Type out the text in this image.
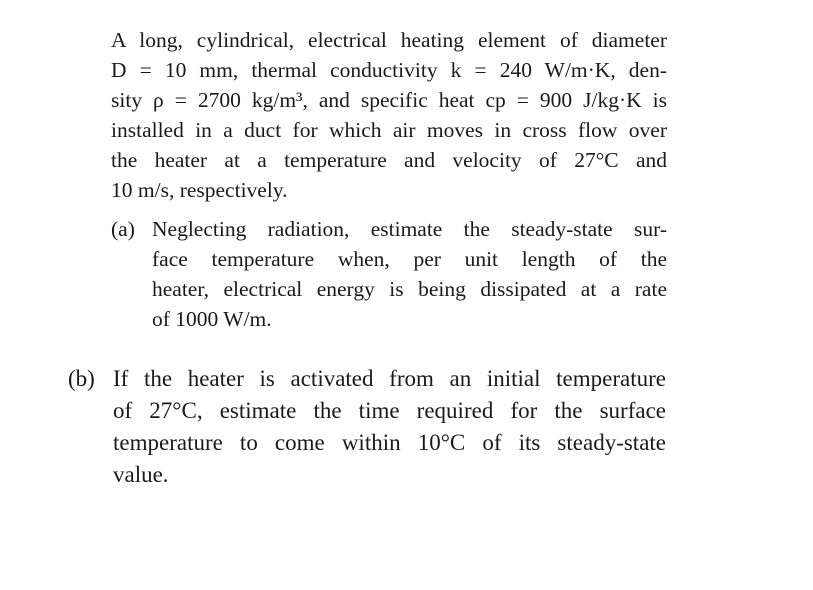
A long, cylindrical, electrical heating element of diameter
D = 10 mm, thermal conductivity k = 240 W/m·K, den-
sity ρ = 2700 kg/m³, and specific heat cp = 900 J/kg·K is
installed in a duct for which air moves in cross flow over
the heater at a temperature and velocity of 27°C and
10 m/s, respectively.
(a) Neglecting radiation, estimate the steady-state sur-
face temperature when, per unit length of the
heater, electrical energy is being dissipated at a rate
of 1000 W/m.
(b) If the heater is activated from an initial temperature
of 27°C, estimate the time required for the surface
temperature to come within 10°C of its steady-state
value.
